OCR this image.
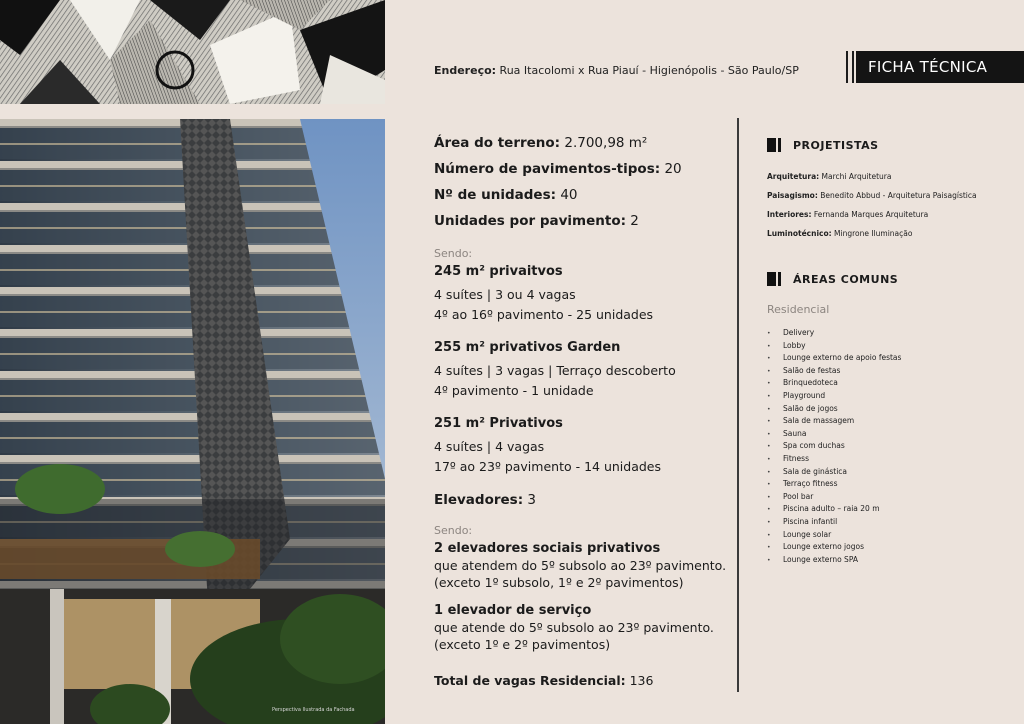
Perspectiva Ilustrada da Fachada
Endereço: Rua Itacolomi x Rua Piauí - Higienópolis - São Paulo/SP	FICHA TÉCNICA
Área do terreno: 2.700,98 m²
Número de pavimentos-tipos: 20
Nº de unidades: 40
Unidades por pavimento: 2
Sendo:
245 m² privaitvos
4 suítes | 3 ou 4 vagas
4º ao 16º pavimento - 25 unidades
255 m² privativos Garden
4 suítes | 3 vagas | Terraço descoberto
4º pavimento - 1 unidade
251 m² Privativos
4 suítes | 4 vagas
17º ao 23º pavimento - 14 unidades
Elevadores: 3
Sendo:
2 elevadores sociais privativos
que atendem do 5º subsolo ao 23º pavimento.
(exceto 1º subsolo, 1º e 2º pavimentos)
1 elevador de serviço
que atende do 5º subsolo ao 23º pavimento.
(exceto 1º e 2º pavimentos)
Total de vagas Residencial: 136
PROJETISTAS
Arquitetura: Marchi Arquitetura
Paisagismo: Benedito Abbud - Arquitetura Paisagística
Interiores: Fernanda Marques Arquitetura
Luminotécnico: Mingrone Iluminação
ÁREAS COMUNS
Residencial
• Delivery
• Lobby
• Lounge externo de apoio festas
• Salão de festas
• Brinquedoteca
• Playground
• Salão de jogos
• Sala de massagem
• Sauna
• Spa com duchas
• Fitness
• Sala de ginástica
• Terraço fitness
• Pool bar
• Piscina adulto – raia 20 m
• Piscina infantil
• Lounge solar
• Lounge externo jogos
• Lounge externo SPA
